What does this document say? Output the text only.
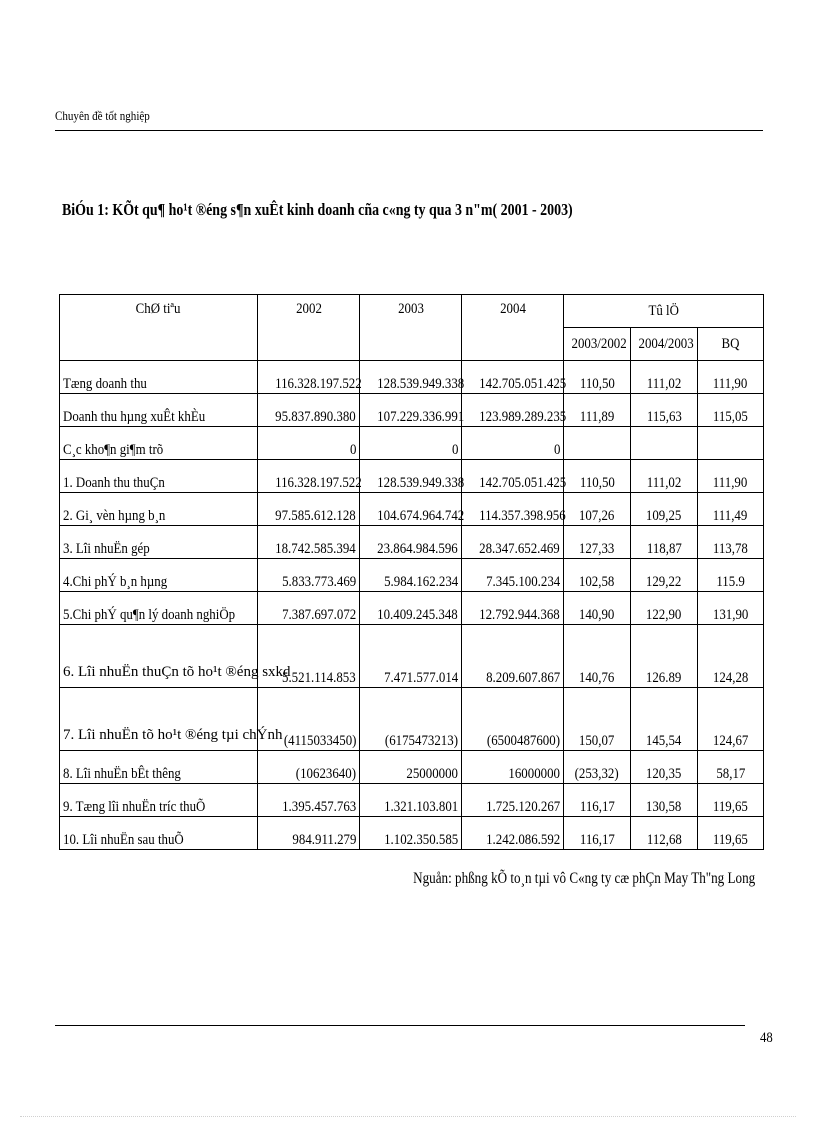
Chuyên đề tốt nghiệp
BiÓu 1: KÕt qu¶ ho¹t ®éng s¶n xuÊt kinh doanh cña c«ng ty qua 3 n"m( 2001 - 2003)
ChØ tiªu	2002	2003	2004	Tû lÖ		
				2003/2002	2004/2003	BQ
Tæng doanh thu	116.328.197.522	128.539.949.338	142.705.051.425	110,50	111,02	111,90
Doanh thu hµng xuÊt khÈu	95.837.890.380	107.229.336.991	123.989.289.235	111,89	115,63	115,05
C¸c kho¶n gi¶m trõ	0	0	0			
1. Doanh thu thuÇn	116.328.197.522	128.539.949.338	142.705.051.425	110,50	111,02	111,90
2. Gi¸ vèn hµng b¸n	97.585.612.128	104.674.964.742	114.357.398.956	107,26	109,25	111,49
3. Lîi nhuËn gép	18.742.585.394	23.864.984.596	28.347.652.469	127,33	118,87	113,78
4.Chi phÝ b¸n hµng	5.833.773.469	5.984.162.234	7.345.100.234	102,58	129,22	115.9
5.Chi phÝ qu¶n lý doanh nghiÖp	7.387.697.072	10.409.245.348	12.792.944.368	140,90	122,90	131,90
6. Lîi nhuËn thuÇn tõ ho¹t ®éng sxkd	5.521.114.853	7.471.577.014	8.209.607.867	140,76	126.89	124,28
7. Lîi nhuËn tõ ho¹t ®éng tµi chÝnh	(4115033450)	(6175473213)	(6500487600)	150,07	145,54	124,67
8. Lîi nhuËn bÊt thêng	(10623640)	25000000	16000000	(253,32)	120,35	58,17
9. Tæng lîi nhuËn tríc thuÕ	1.395.457.763	1.321.103.801	1.725.120.267	116,17	130,58	119,65
10. Lîi nhuËn sau thuÕ	984.911.279	1.102.350.585	1.242.086.592	116,17	112,68	119,65
Nguån: phßng kÕ to¸n tµi vô C«ng ty cæ phÇn May Th"ng Long
48
